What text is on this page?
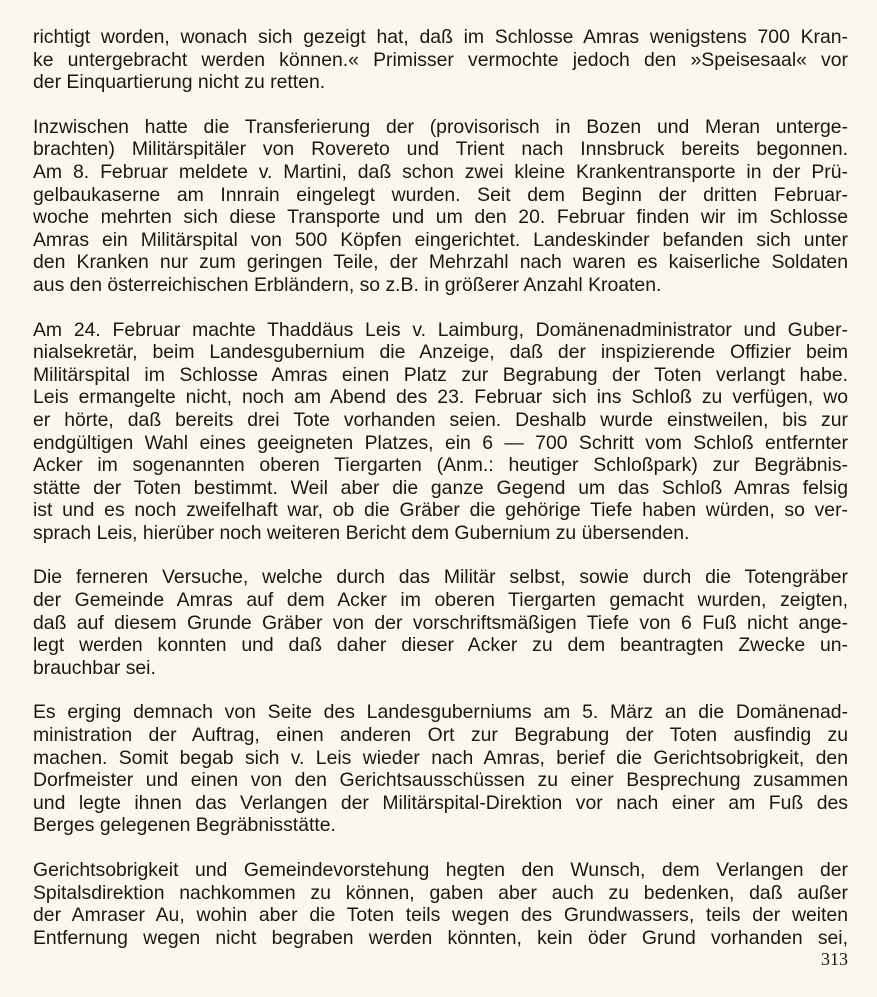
richtigt worden, wonach sich gezeigt hat, daß im Schlosse Amras wenigstens 700 Kran-
ke untergebracht werden können.« Primisser vermochte jedoch den »Speisesaal« vor
der Einquartierung nicht zu retten.
Inzwischen hatte die Transferierung der (provisorisch in Bozen und Meran unterge-
brachten) Militärspitäler von Rovereto und Trient nach Innsbruck bereits begonnen.
Am 8. Februar meldete v. Martini, daß schon zwei kleine Krankentransporte in der Prü-
gelbaukaserne am Innrain eingelegt wurden. Seit dem Beginn der dritten Februar-
woche mehrten sich diese Transporte und um den 20. Februar finden wir im Schlosse
Amras ein Militärspital von 500 Köpfen eingerichtet. Landeskinder befanden sich unter
den Kranken nur zum geringen Teile, der Mehrzahl nach waren es kaiserliche Soldaten
aus den österreichischen Erbländern, so z.B. in größerer Anzahl Kroaten.
Am 24. Februar machte Thaddäus Leis v. Laimburg, Domänenadministrator und Guber-
nialsekretär, beim Landesgubernium die Anzeige, daß der inspizierende Offizier beim
Militärspital im Schlosse Amras einen Platz zur Begrabung der Toten verlangt habe.
Leis ermangelte nicht, noch am Abend des 23. Februar sich ins Schloß zu verfügen, wo
er hörte, daß bereits drei Tote vorhanden seien. Deshalb wurde einstweilen, bis zur
endgültigen Wahl eines geeigneten Platzes, ein 6 — 700 Schritt vom Schloß entfernter
Acker im sogenannten oberen Tiergarten (Anm.: heutiger Schloßpark) zur Begräbnis-
stätte der Toten bestimmt. Weil aber die ganze Gegend um das Schloß Amras felsig
ist und es noch zweifelhaft war, ob die Gräber die gehörige Tiefe haben würden, so ver-
sprach Leis, hierüber noch weiteren Bericht dem Gubernium zu übersenden.
Die ferneren Versuche, welche durch das Militär selbst, sowie durch die Totengräber
der Gemeinde Amras auf dem Acker im oberen Tiergarten gemacht wurden, zeigten,
daß auf diesem Grunde Gräber von der vorschriftsmäßigen Tiefe von 6 Fuß nicht ange-
legt werden konnten und daß daher dieser Acker zu dem beantragten Zwecke un-
brauchbar sei.
Es erging demnach von Seite des Landesguberniums am 5. März an die Domänenad-
ministration der Auftrag, einen anderen Ort zur Begrabung der Toten ausfindig zu
machen. Somit begab sich v. Leis wieder nach Amras, berief die Gerichtsobrigkeit, den
Dorfmeister und einen von den Gerichtsausschüssen zu einer Besprechung zusammen
und legte ihnen das Verlangen der Militärspital-Direktion vor nach einer am Fuß des
Berges gelegenen Begräbnisstätte.
Gerichtsobrigkeit und Gemeindevorstehung hegten den Wunsch, dem Verlangen der
Spitalsdirektion nachkommen zu können, gaben aber auch zu bedenken, daß außer
der Amraser Au, wohin aber die Toten teils wegen des Grundwassers, teils der weiten
Entfernung wegen nicht begraben werden könnten, kein öder Grund vorhanden sei,
313
